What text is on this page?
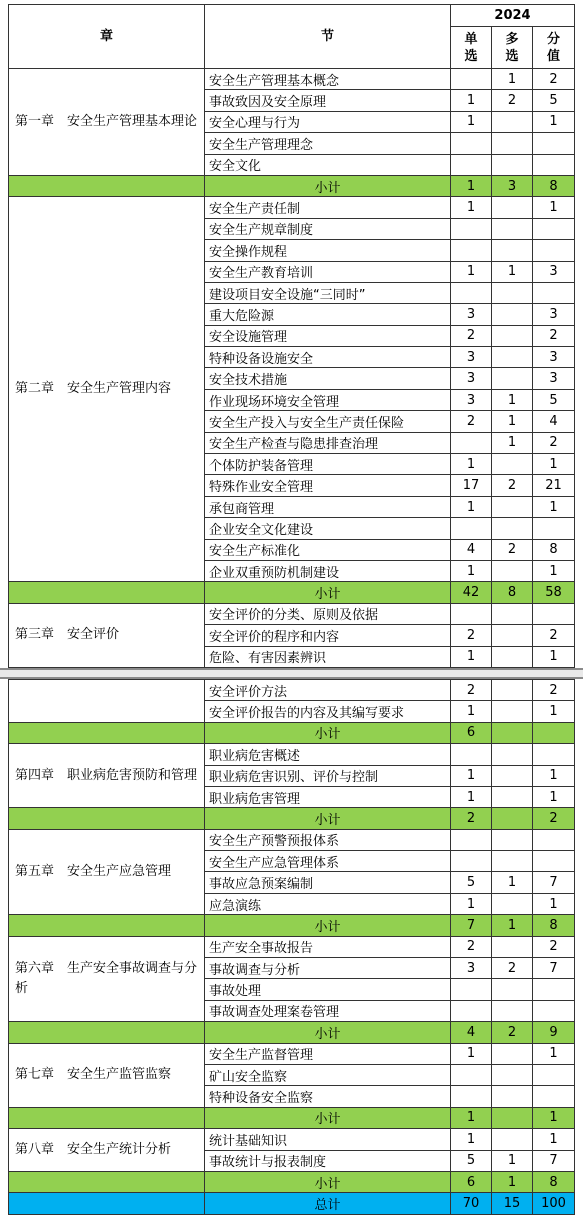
章	节	2024		
		单选	多选	分值
第一章　安全生产管理基本理论	安全生产管理基本概念		1	2
	事故致因及安全原理	1	2	5
	安全心理与行为	1		1
	安全生产管理理念			
	安全文化			
	小计	1	3	8
第二章　安全生产管理内容	安全生产责任制	1		1
	安全生产规章制度			
	安全操作规程			
	安全生产教育培训	1	1	3
	建设项目安全设施“三同时”			
	重大危险源	3		3
	安全设施管理	2		2
	特种设备设施安全	3		3
	安全技术措施	3		3
	作业现场环境安全管理	3	1	5
	安全生产投入与安全生产责任保险	2	1	4
	安全生产检查与隐患排查治理		1	2
	个体防护装备管理	1		1
	特殊作业安全管理	17	2	21
	承包商管理	1		1
	企业安全文化建设			
	安全生产标准化	4	2	8
	企业双重预防机制建设	1		1
	小计	42	8	58
第三章　安全评价	安全评价的分类、原则及依据			
	安全评价的程序和内容	2		2
	危险、有害因素辨识	1		1
	安全评价方法	2		2
	安全评价报告的内容及其编写要求	1		1
	小计	6		
第四章　职业病危害预防和管理	职业病危害概述			
	职业病危害识别、评价与控制	1		1
	职业病危害管理	1		1
	小计	2		2
第五章　安全生产应急管理	安全生产预警预报体系			
	安全生产应急管理体系			
	事故应急预案编制	5	1	7
	应急演练	1		1
	小计	7	1	8
第六章　生产安全事故调查与分析	生产安全事故报告	2		2
	事故调查与分析	3	2	7
	事故处理			
	事故调查处理案卷管理			
	小计	4	2	9
第七章　安全生产监管监察	安全生产监督管理	1		1
	矿山安全监察			
	特种设备安全监察			
	小计	1		1
第八章　安全生产统计分析	统计基础知识	1		1
	事故统计与报表制度	5	1	7
	小计	6	1	8
	总计	70	15	100
